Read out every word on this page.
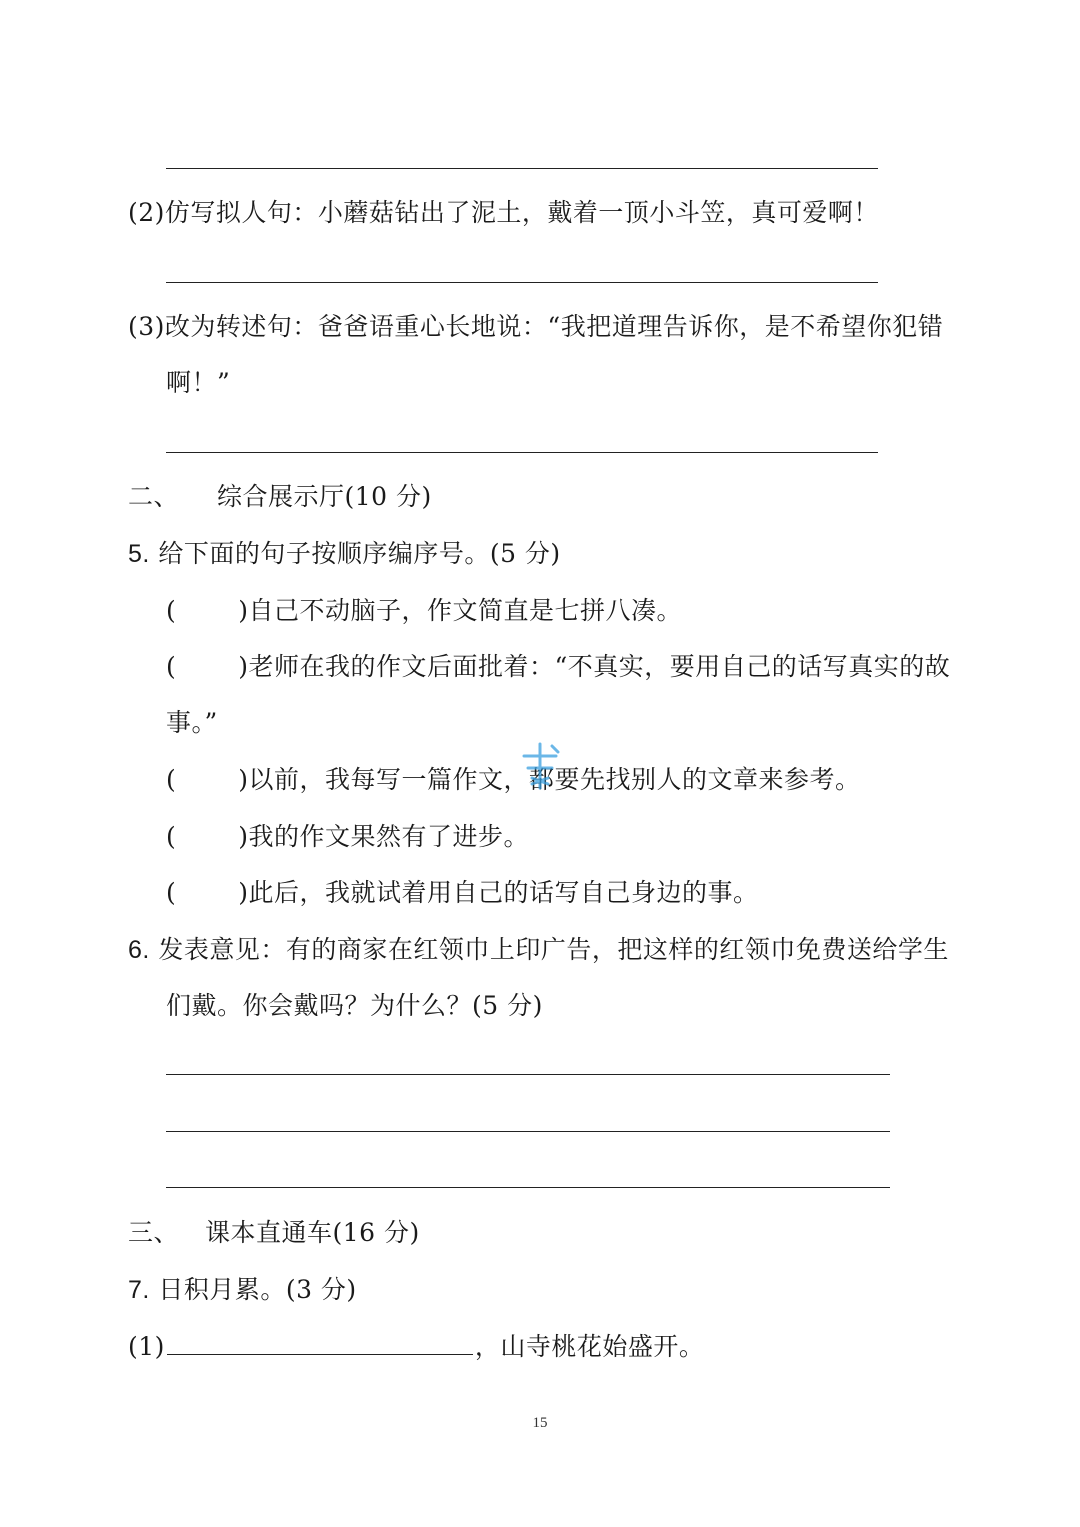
(2)仿写拟人句：小蘑菇钻出了泥土，戴着一顶小斗笠，真可爱啊！
(3)改为转述句：爸爸语重心长地说：“我把道理告诉你，是不希望你犯错
啊！”
二、 综合展示厅(10 分)
5. 给下面的句子按顺序编序号。(5 分)
( )自己不动脑子，作文简直是七拼八凑。
( )老师在我的作文后面批着：“不真实，要用自己的话写真实的故
事。”
( )以前，我每写一篇作文，都要先找别人的文章来参考。
( )我的作文果然有了进步。
( )此后，我就试着用自己的话写自己身边的事。
6. 发表意见：有的商家在红领巾上印广告，把这样的红领巾免费送给学生
们戴。你会戴吗？为什么？(5 分)
三、 课本直通车(16 分)
7. 日积月累。(3 分)
(1)	，山寺桃花始盛开。
15
